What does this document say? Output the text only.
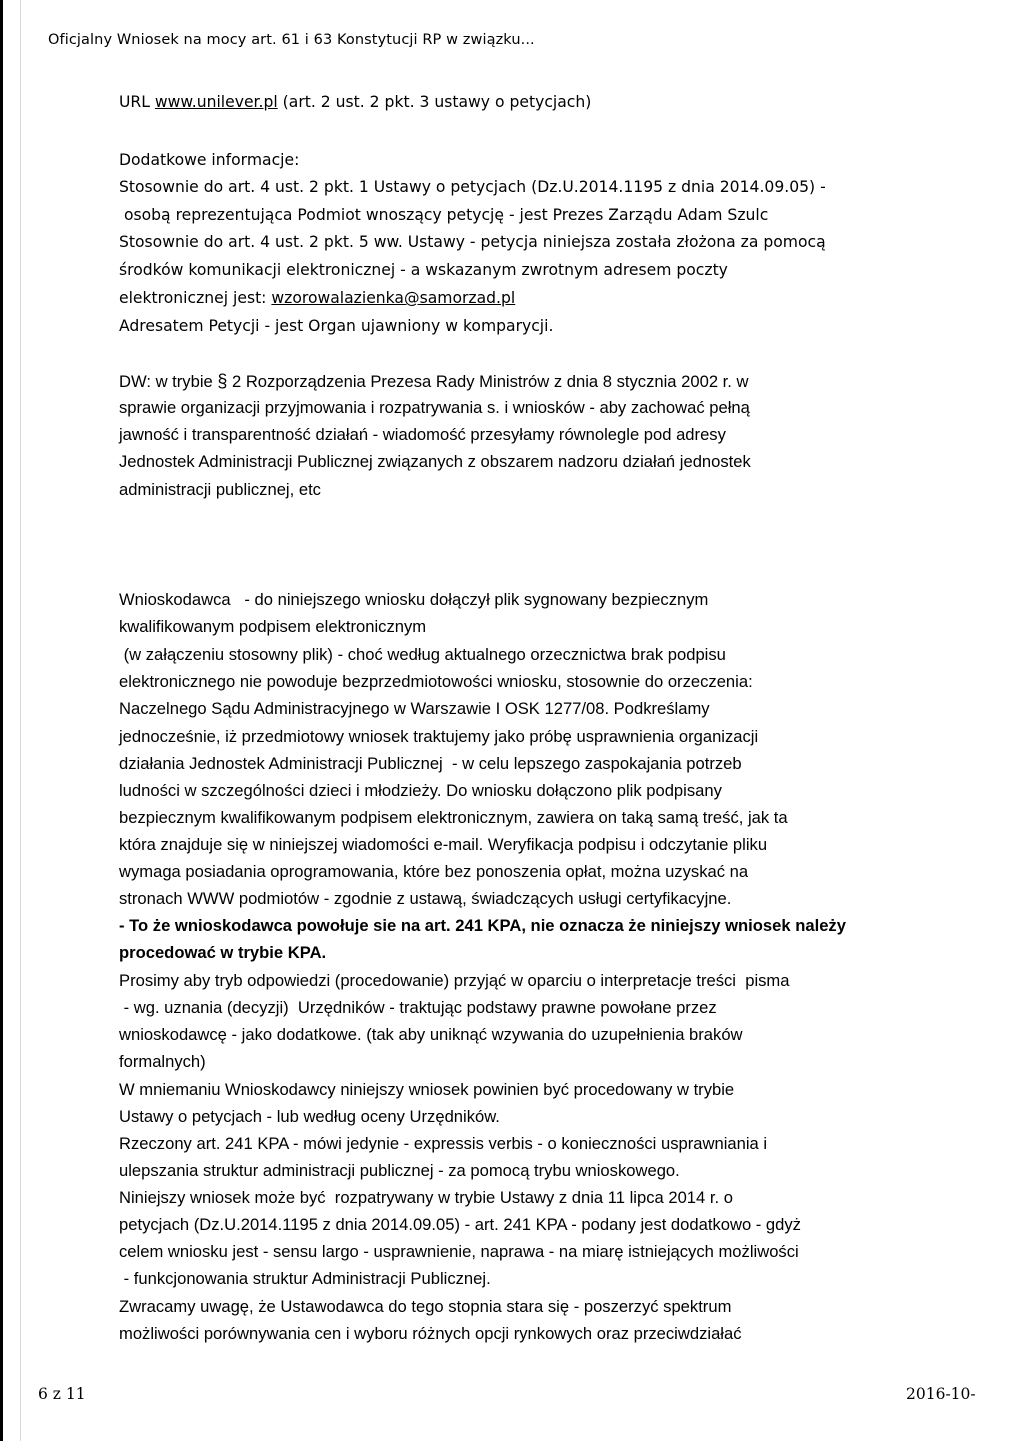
Oficjalny Wniosek na mocy art. 61 i 63 Konstytucji RP w związku...
URL www.unilever.pl (art. 2 ust. 2 pkt. 3 ustawy o petycjach)
Dodatkowe informacje:
Stosownie do art. 4 ust. 2 pkt. 1 Ustawy o petycjach (Dz.U.2014.1195 z dnia 2014.09.05) -
osobą reprezentująca Podmiot wnoszący petycję - jest Prezes Zarządu Adam Szulc
Stosownie do art. 4 ust. 2 pkt. 5 ww. Ustawy - petycja niniejsza została złożona za pomocą
środków komunikacji elektronicznej - a wskazanym zwrotnym adresem poczty
elektronicznej jest: wzorowalazienka@samorzad.pl
Adresatem Petycji - jest Organ ujawniony w komparycji.
DW: w trybie § 2 Rozporządzenia Prezesa Rady Ministrów z dnia 8 stycznia 2002 r. w
sprawie organizacji przyjmowania i rozpatrywania s. i wniosków - aby zachować pełną
jawność i transparentność działań - wiadomość przesyłamy równolegle pod adresy
Jednostek Administracji Publicznej związanych z obszarem nadzoru działań jednostek
administracji publicznej, etc
Wnioskodawca   - do niniejszego wniosku dołączył plik sygnowany bezpiecznym
kwalifikowanym podpisem elektronicznym
(w załączeniu stosowny plik) - choć według aktualnego orzecznictwa brak podpisu
elektronicznego nie powoduje bezprzedmiotowości wniosku, stosownie do orzeczenia:
Naczelnego Sądu Administracyjnego w Warszawie I OSK 1277/08. Podkreślamy
jednocześnie, iż przedmiotowy wniosek traktujemy jako próbę usprawnienia organizacji
działania Jednostek Administracji Publicznej  - w celu lepszego zaspokajania potrzeb
ludności w szczególności dzieci i młodzieży. Do wniosku dołączono plik podpisany
bezpiecznym kwalifikowanym podpisem elektronicznym, zawiera on taką samą treść, jak ta
która znajduje się w niniejszej wiadomości e-mail. Weryfikacja podpisu i odczytanie pliku
wymaga posiadania oprogramowania, które bez ponoszenia opłat, można uzyskać na
stronach WWW podmiotów - zgodnie z ustawą, świadczących usługi certyfikacyjne.
- To że wnioskodawca powołuje sie na art. 241 KPA, nie oznacza że niniejszy wniosek należy
procedować w trybie KPA.
Prosimy aby tryb odpowiedzi (procedowanie) przyjąć w oparciu o interpretacje treści  pisma
- wg. uznania (decyzji)  Urzędników - traktując podstawy prawne powołane przez
wnioskodawcę - jako dodatkowe. (tak aby uniknąć wzywania do uzupełnienia braków
formalnych)
W mniemaniu Wnioskodawcy niniejszy wniosek powinien być procedowany w trybie
Ustawy o petycjach - lub według oceny Urzędników.
Rzeczony art. 241 KPA - mówi jedynie - expressis verbis - o konieczności usprawniania i
ulepszania struktur administracji publicznej - za pomocą trybu wnioskowego.
Niniejszy wniosek może być  rozpatrywany w trybie Ustawy z dnia 11 lipca 2014 r. o
petycjach (Dz.U.2014.1195 z dnia 2014.09.05) - art. 241 KPA - podany jest dodatkowo - gdyż
celem wniosku jest - sensu largo - usprawnienie, naprawa - na miarę istniejących możliwości
- funkcjonowania struktur Administracji Publicznej.
Zwracamy uwagę, że Ustawodawca do tego stopnia stara się - poszerzyć spektrum
możliwości porównywania cen i wyboru różnych opcji rynkowych oraz przeciwdziałać
6 z 11	2016-10-
